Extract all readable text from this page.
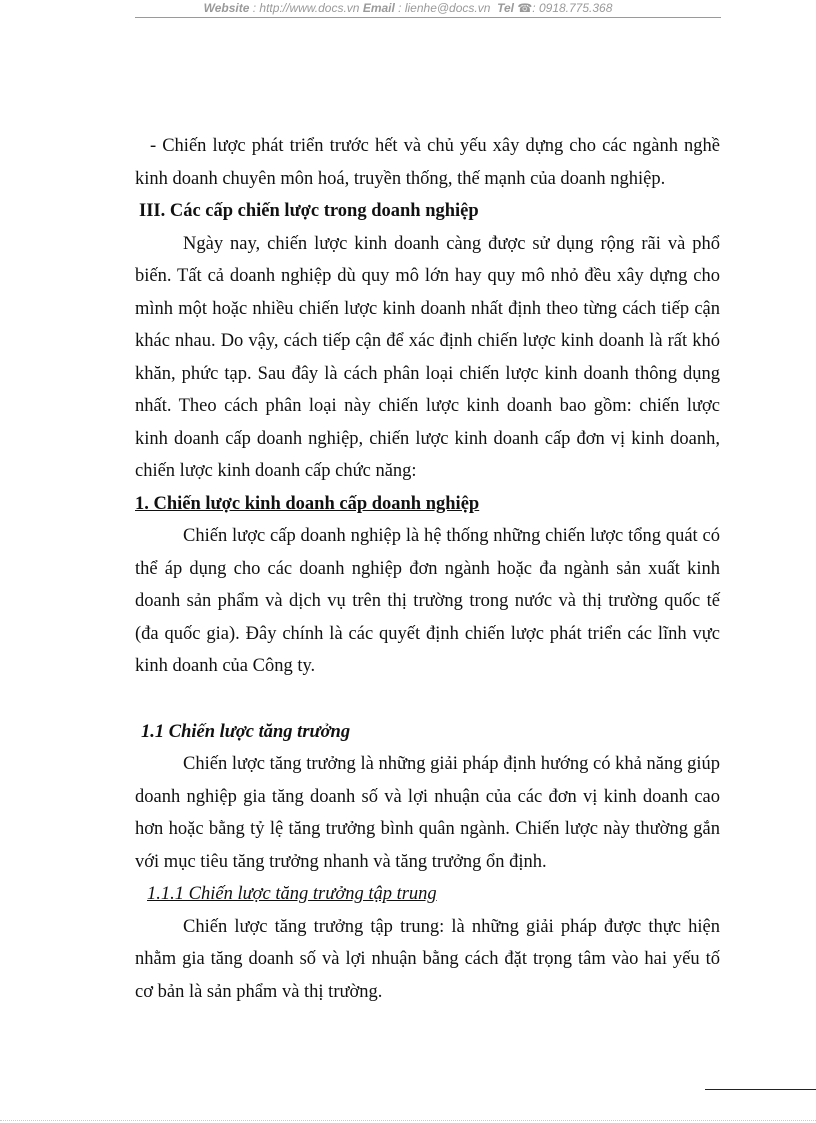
Website : http://www.docs.vn Email : lienhe@docs.vn Tel ☎: 0918.775.368

- Chiến lược phát triển trước hết và chủ yếu xây dựng cho các ngành nghề kinh doanh chuyên môn hoá, truyền thống, thế mạnh của doanh nghiệp.

III. Các cấp chiến lược trong doanh nghiệp

Ngày nay, chiến lược kinh doanh càng được sử dụng rộng rãi và phổ biến. Tất cả doanh nghiệp dù quy mô lớn hay quy mô nhỏ đều xây dựng cho mình một hoặc nhiều chiến lược kinh doanh nhất định theo từng cách tiếp cận khác nhau. Do vậy, cách tiếp cận để xác định chiến lược kinh doanh là rất khó khăn, phức tạp. Sau đây là cách phân loại chiến lược kinh doanh thông dụng nhất. Theo cách phân loại này chiến lược kinh doanh bao gồm: chiến lược kinh doanh cấp doanh nghiệp, chiến lược kinh doanh cấp đơn vị kinh doanh, chiến lược kinh doanh cấp chức năng:

1. Chiến lược kinh doanh cấp doanh nghiệp

Chiến lược cấp doanh nghiệp là hệ thống những chiến lược tổng quát có thể áp dụng cho các doanh nghiệp đơn ngành hoặc đa ngành sản xuất kinh doanh sản phẩm và dịch vụ trên thị trường trong nước và thị trường quốc tế (đa quốc gia). Đây chính là các quyết định chiến lược phát triển các lĩnh vực kinh doanh của Công ty.

1.1 Chiến lược tăng trưởng

Chiến lược tăng trưởng là những giải pháp định hướng có khả năng giúp doanh nghiệp gia tăng doanh số và lợi nhuận của các đơn vị kinh doanh cao hơn hoặc bằng tỷ lệ tăng trưởng bình quân ngành. Chiến lược này thường gắn với mục tiêu tăng trưởng nhanh và tăng trưởng ổn định.

1.1.1 Chiến lược tăng trưởng tập trung

Chiến lược tăng trưởng tập trung: là những giải pháp được thực hiện nhằm gia tăng doanh số và lợi nhuận bằng cách đặt trọng tâm vào hai yếu tố cơ bản là sản phẩm và thị trường.
